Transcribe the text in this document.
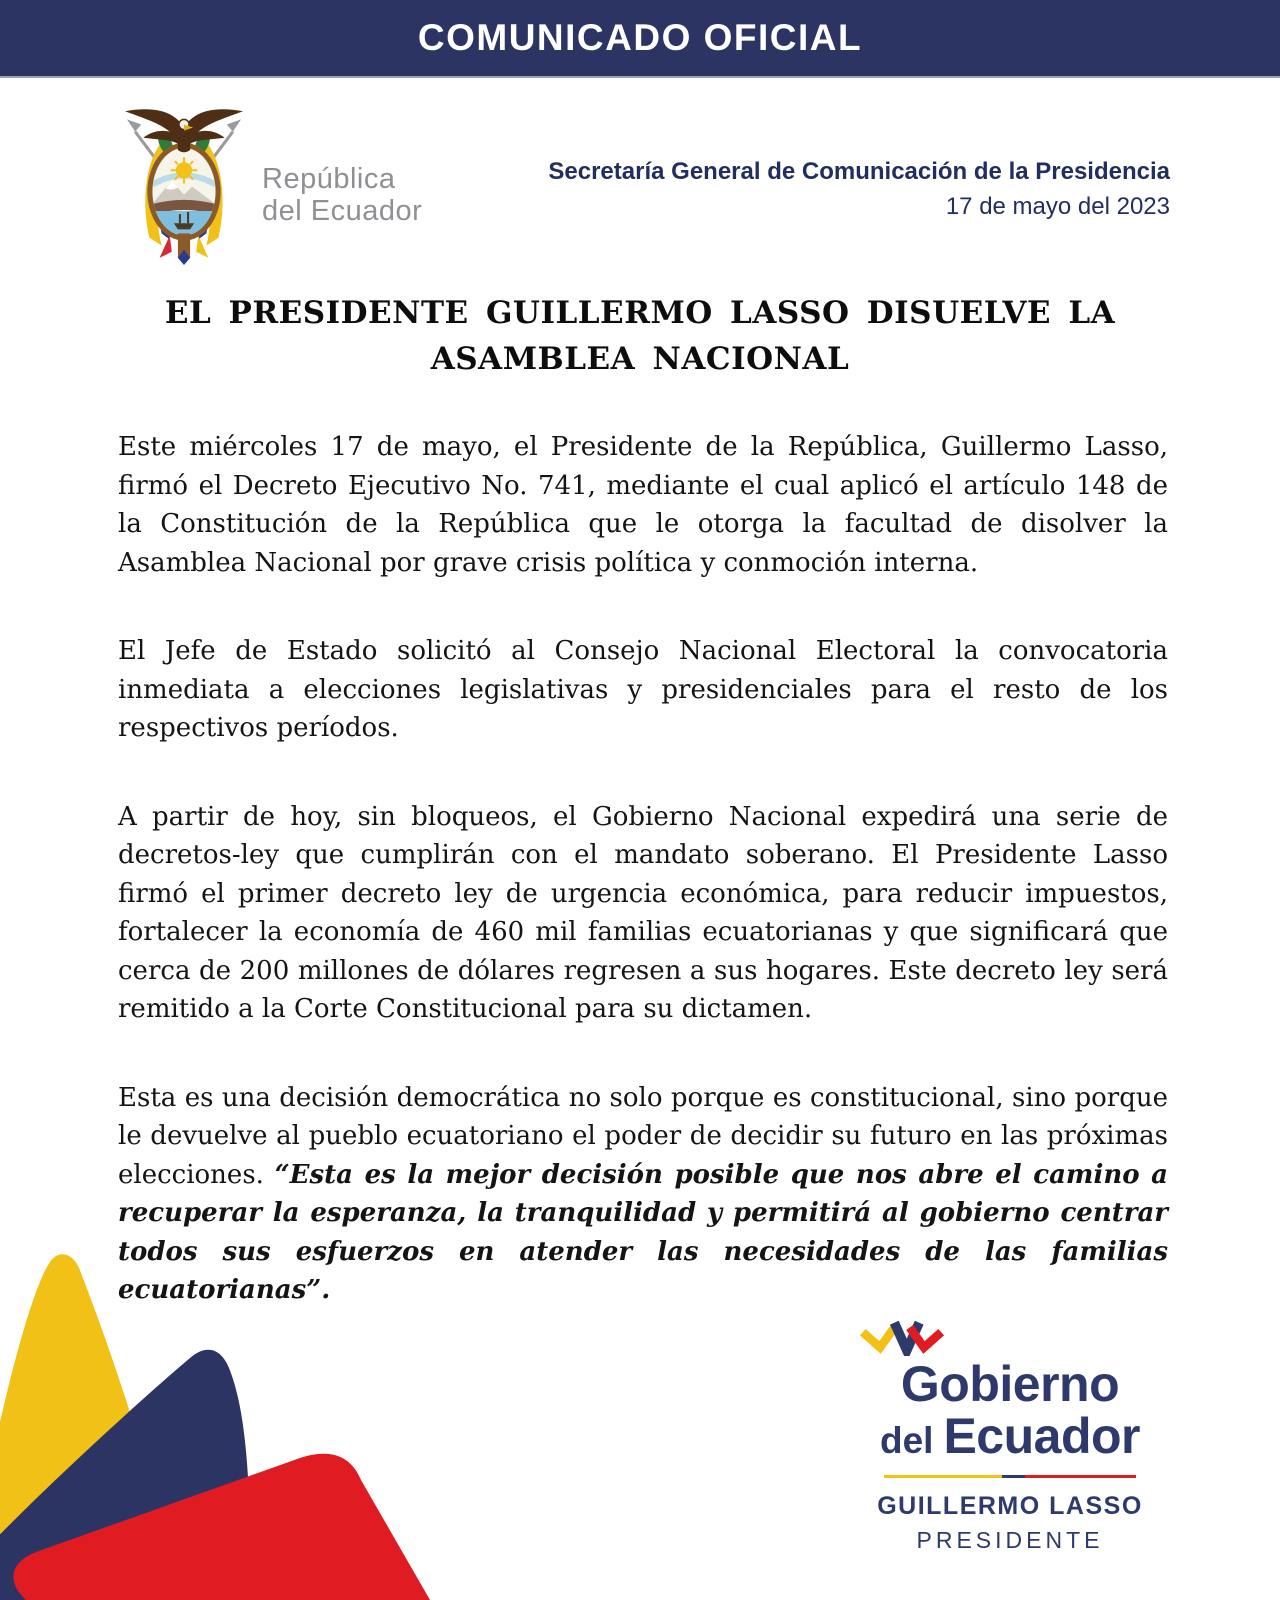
COMUNICADO OFICIAL
República
del Ecuador
Secretaría General de Comunicación de la Presidencia
17 de mayo del 2023
EL PRESIDENTE GUILLERMO LASSO DISUELVE LA ASAMBLEA NACIONAL

Este miércoles 17 de mayo, el Presidente de la República, Guillermo Lasso, firmó el Decreto Ejecutivo No. 741, mediante el cual aplicó el artículo 148 de la Constitución de la República que le otorga la facultad de disolver la Asamblea Nacional por grave crisis política y conmoción interna.

El Jefe de Estado solicitó al Consejo Nacional Electoral la convocatoria inmediata a elecciones legislativas y presidenciales para el resto de los respectivos períodos.

A partir de hoy, sin bloqueos, el Gobierno Nacional expedirá una serie de decretos-ley que cumplirán con el mandato soberano. El Presidente Lasso firmó el primer decreto ley de urgencia económica, para reducir impuestos, fortalecer la economía de 460 mil familias ecuatorianas y que significará que cerca de 200 millones de dólares regresen a sus hogares. Este decreto ley será remitido a la Corte Constitucional para su dictamen.

Esta es una decisión democrática no solo porque es constitucional, sino porque le devuelve al pueblo ecuatoriano el poder de decidir su futuro en las próximas elecciones. “Esta es la mejor decisión posible que nos abre el camino a recuperar la esperanza, la tranquilidad y permitirá al gobierno centrar todos sus esfuerzos en atender las necesidades de las familias ecuatorianas”.

Gobierno
del Ecuador
GUILLERMO LASSO
PRESIDENTE
